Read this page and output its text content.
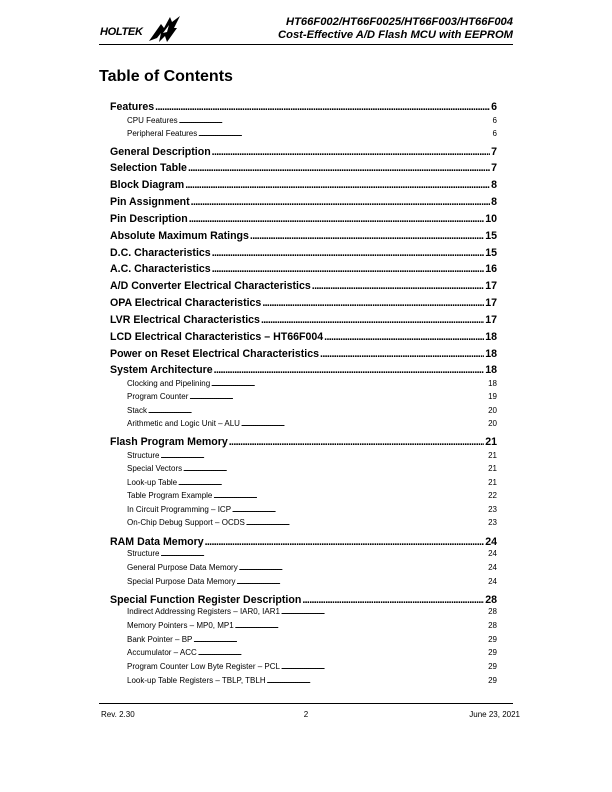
HOLTEK
HT66F002/HT66F0025/HT66F003/HT66F004
Cost-Effective A/D Flash MCU with EEPROM
Table of Contents
Features . . .	6
CPU Features . . .	6
Peripheral Features . . .	6
General Description . . .	7
Selection Table . . .	7
Block Diagram . . .	8
Pin Assignment . . .	8
Pin Description . . .	10
Absolute Maximum Ratings . . .	15
D.C. Characteristics . . .	15
A.C. Characteristics . . .	16
A/D Converter Electrical Characteristics . . .	17
OPA Electrical Characteristics . . .	17
LVR Electrical Characteristics . . .	17
LCD Electrical Characteristics – HT66F004 . . .	18
Power on Reset Electrical Characteristics . . .	18
System Architecture . . .	18
Clocking and Pipelining . . .	18
Program Counter . . .	19
Stack . . .	20
Arithmetic and Logic Unit – ALU . . .	20
Flash Program Memory . . .	21
Structure . . .	21
Special Vectors . . .	21
Look-up Table . . .	21
Table Program Example . . .	22
In Circuit Programming – ICP . . .	23
On-Chip Debug Support – OCDS . . .	23
RAM Data Memory . . .	24
Structure . . .	24
General Purpose Data Memory . . .	24
Special Purpose Data Memory . . .	24
Special Function Register Description . . .	28
Indirect Addressing Registers – IAR0, IAR1 . . .	28
Memory Pointers – MP0, MP1 . . .	28
Bank Pointer – BP . . .	29
Accumulator – ACC . . .	29
Program Counter Low Byte Register – PCL . . .	29
Look-up Table Registers – TBLP, TBLH . . .	29
Rev. 2.30	2	June 23, 2021
